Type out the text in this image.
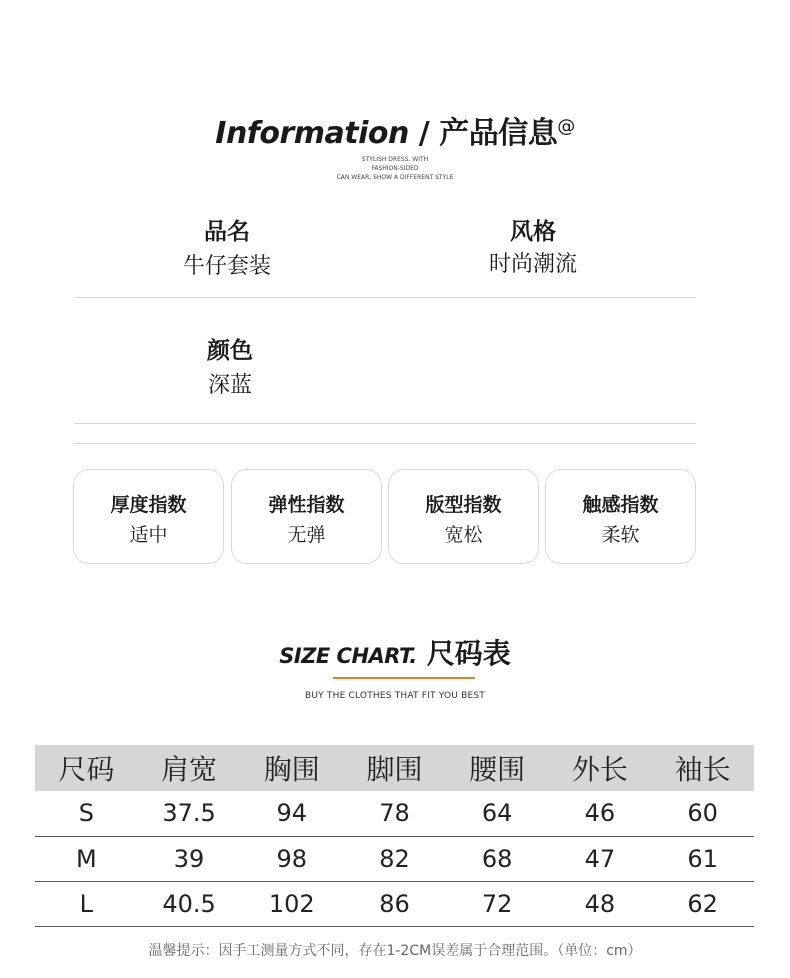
Information / 产品信息@
STYLISH DRESS, WITH
FASHION-SIDED
CAN WEAR, SHOW A DIFFERENT STYLE
品名
牛仔套装
风格
时尚潮流
颜色
深蓝
厚度指数
适中
弹性指数
无弹
版型指数
宽松
触感指数
柔软
SIZE CHART. 尺码表
BUY THE CLOTHES THAT FIT YOU BEST
尺码	肩宽	胸围	脚围	腰围	外长	袖长
S	37.5	94	78	64	46	60
M	39	98	82	68	47	61
L	40.5	102	86	72	48	62
温馨提示：因手工测量方式不同，存在1-2CM误差属于合理范围。（单位：cm）
